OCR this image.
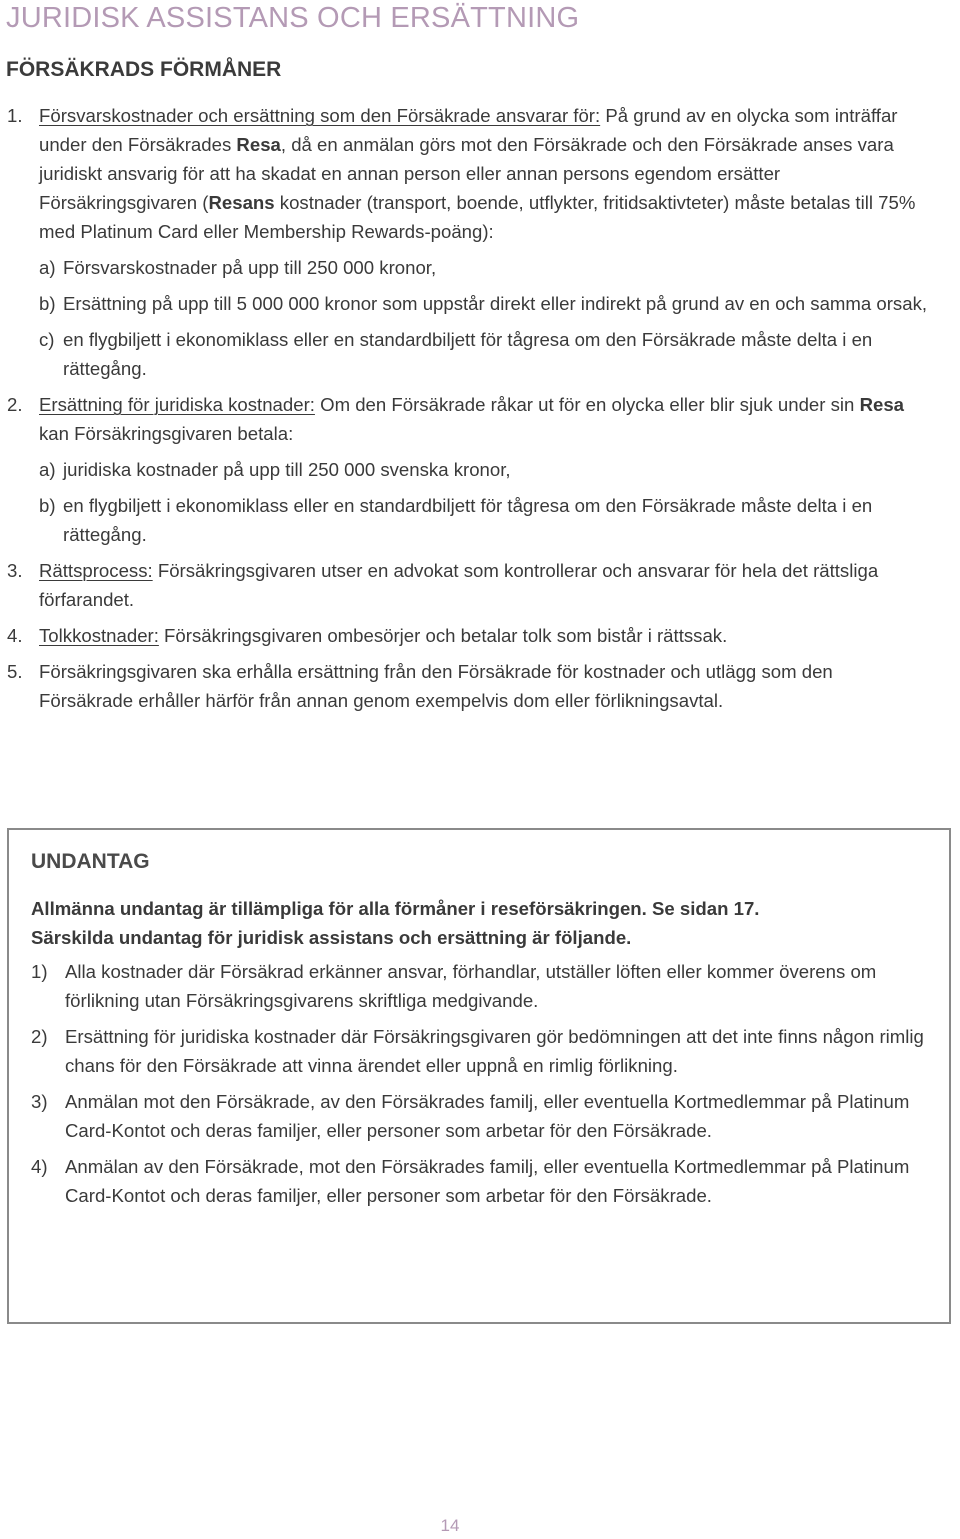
JURIDISK ASSISTANS OCH ERSÄTTNING
FÖRSÄKRADS FÖRMÅNER
1. Försvarskostnader och ersättning som den Försäkrade ansvarar för: På grund av en olycka som inträffar under den Försäkrades Resa, då en anmälan görs mot den Försäkrade och den Försäkrade anses vara juridiskt ansvarig för att ha skadat en annan person eller annan persons egendom ersätter Försäkringsgivaren (Resans kostnader (transport, boende, utflykter, fritidsaktivteter) måste betalas till 75% med Platinum Card eller Membership Rewards-poäng):
a) Försvarskostnader på upp till 250 000 kronor,
b) Ersättning på upp till 5 000 000 kronor som uppstår direkt eller indirekt på grund av en och samma orsak,
c) en flygbiljett i ekonomiklass eller en standardbiljett för tågresa om den Försäkrade måste delta i en rättegång.
2. Ersättning för juridiska kostnader: Om den Försäkrade råkar ut för en olycka eller blir sjuk under sin Resa kan Försäkringsgivaren betala:
a) juridiska kostnader på upp till 250 000 svenska kronor,
b) en flygbiljett i ekonomiklass eller en standardbiljett för tågresa om den Försäkrade måste delta i en rättegång.
3. Rättsprocess: Försäkringsgivaren utser en advokat som kontrollerar och ansvarar för hela det rättsliga förfarandet.
4. Tolkkostnader: Försäkringsgivaren ombesörjer och betalar tolk som bistår i rättssak.
5. Försäkringsgivaren ska erhålla ersättning från den Försäkrade för kostnader och utlägg som den Försäkrade erhåller härför från annan genom exempelvis dom eller förlikningsavtal.
UNDANTAG
Allmänna undantag är tillämpliga för alla förmåner i reseförsäkringen. Se sidan 17.
Särskilda undantag för juridisk assistans och ersättning är följande.
1) Alla kostnader där Försäkrad erkänner ansvar, förhandlar, utställer löften eller kommer överens om förlikning utan Försäkringsgivarens skriftliga medgivande.
2) Ersättning för juridiska kostnader där Försäkringsgivaren gör bedömningen att det inte finns någon rimlig chans för den Försäkrade att vinna ärendet eller uppnå en rimlig förlikning.
3) Anmälan mot den Försäkrade, av den Försäkrades familj, eller eventuella Kortmedlemmar på Platinum Card-Kontot och deras familjer, eller personer som arbetar för den Försäkrade.
4) Anmälan av den Försäkrade, mot den Försäkrades familj, eller eventuella Kortmedlemmar på Platinum Card-Kontot och deras familjer, eller personer som arbetar för den Försäkrade.
14
